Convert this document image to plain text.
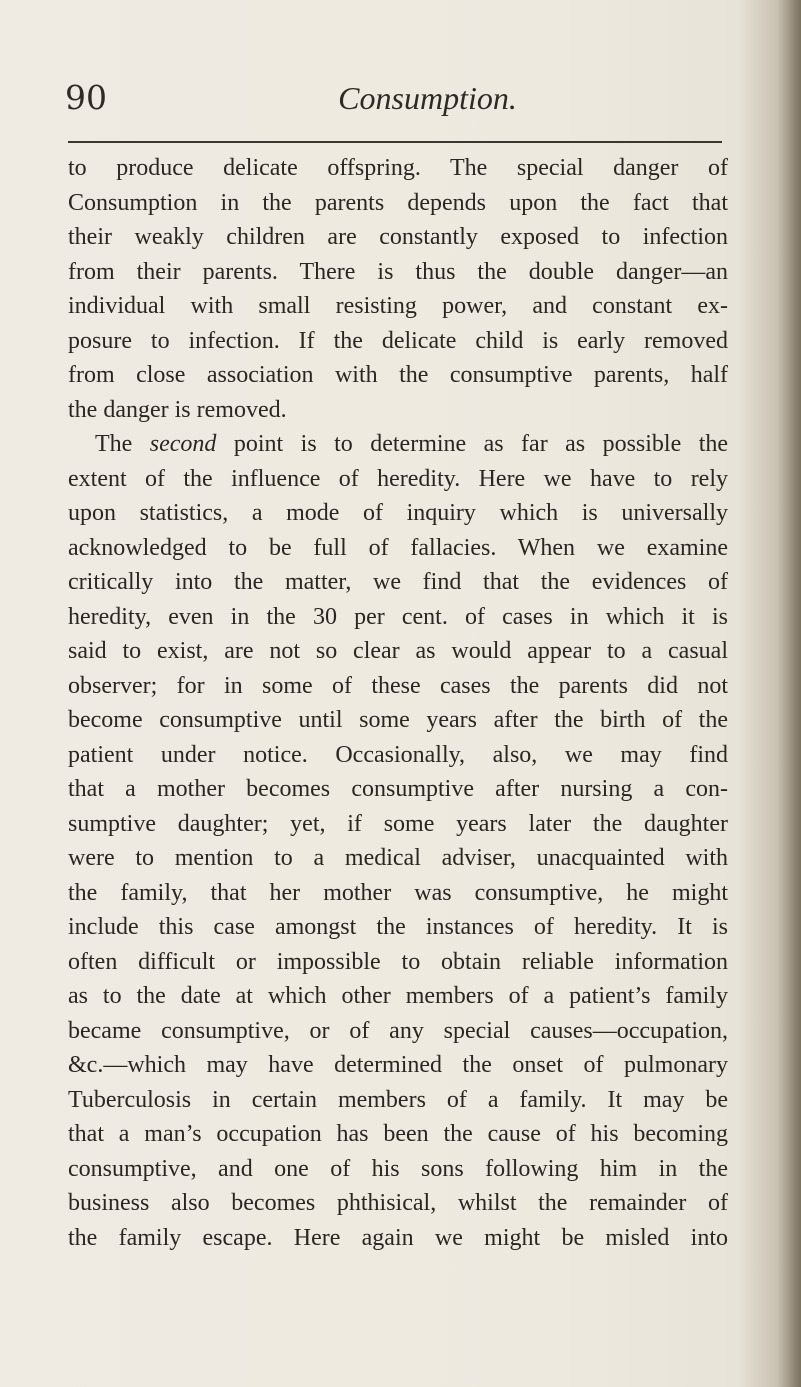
90	Consumption.
to produce delicate offspring. The special danger of
Consumption in the parents depends upon the fact that
their weakly children are constantly exposed to infection
from their parents. There is thus the double danger—an
individual with small resisting power, and constant ex-
posure to infection. If the delicate child is early removed
from close association with the consumptive parents, half
the danger is removed.
The second point is to determine as far as possible the
extent of the influence of heredity. Here we have to rely
upon statistics, a mode of inquiry which is universally
acknowledged to be full of fallacies. When we examine
critically into the matter, we find that the evidences of
heredity, even in the 30 per cent. of cases in which it is
said to exist, are not so clear as would appear to a casual
observer; for in some of these cases the parents did not
become consumptive until some years after the birth of the
patient under notice. Occasionally, also, we may find
that a mother becomes consumptive after nursing a con-
sumptive daughter; yet, if some years later the daughter
were to mention to a medical adviser, unacquainted with
the family, that her mother was consumptive, he might
include this case amongst the instances of heredity. It is
often difficult or impossible to obtain reliable information
as to the date at which other members of a patient’s family
became consumptive, or of any special causes—occupation,
&c.—which may have determined the onset of pulmonary
Tuberculosis in certain members of a family. It may be
that a man’s occupation has been the cause of his becoming
consumptive, and one of his sons following him in the
business also becomes phthisical, whilst the remainder of
the family escape. Here again we might be misled into
